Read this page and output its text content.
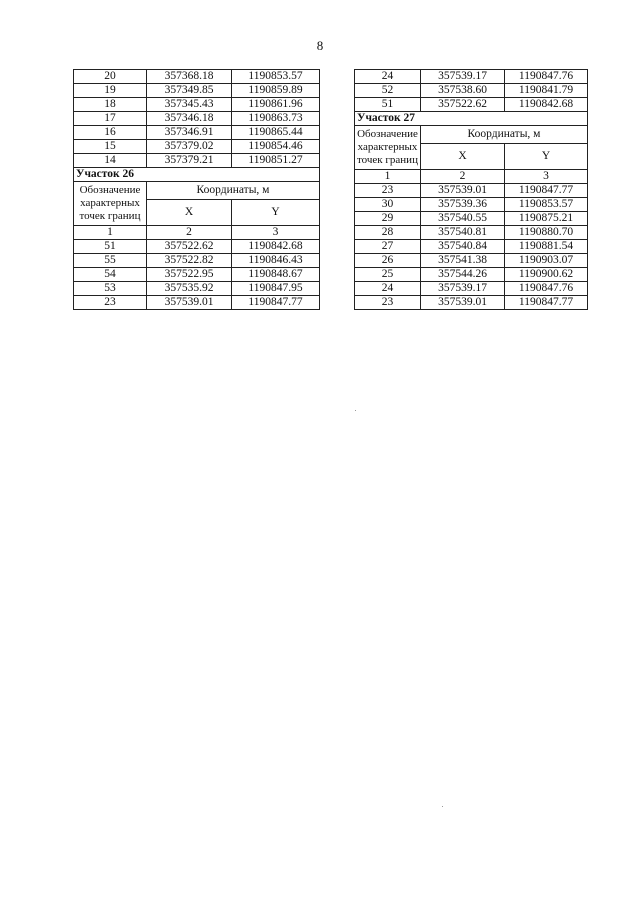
8
20	357368.18	1190853.57
19	357349.85	1190859.89
18	357345.43	1190861.96
17	357346.18	1190863.73
16	357346.91	1190865.44
15	357379.02	1190854.46
14	357379.21	1190851.27
Участок 26		

Обозначение
характерных
точек границ	Координаты, м	
	X	Y
1	2	3
51	357522.62	1190842.68
55	357522.82	1190846.43
54	357522.95	1190848.67
53	357535.92	1190847.95
23	357539.01	1190847.77
24	357539.17	1190847.76
52	357538.60	1190841.79
51	357522.62	1190842.68
Участок 27		

Обозначение
характерных
точек границ	Координаты, м	
	X	Y
1	2	3
23	357539.01	1190847.77
30	357539.36	1190853.57
29	357540.55	1190875.21
28	357540.81	1190880.70
27	357540.84	1190881.54
26	357541.38	1190903.07
25	357544.26	1190900.62
24	357539.17	1190847.76
23	357539.01	1190847.77
